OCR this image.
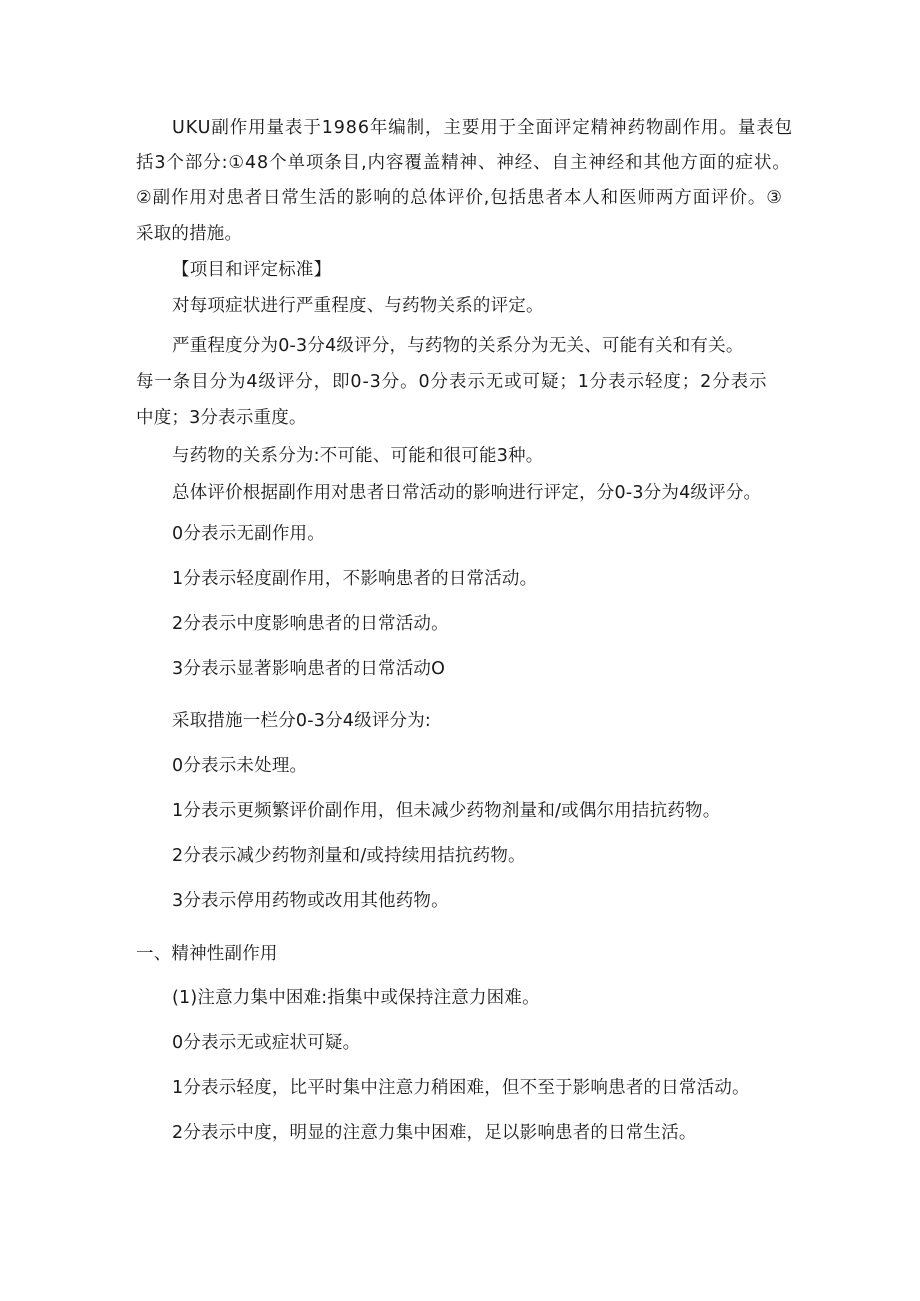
UKU副作用量表于1986年编制，主要用于全面评定精神药物副作用。量表包
括3个部分:①48个单项条目,内容覆盖精神、神经、自主神经和其他方面的症状。
②副作用对患者日常生活的影响的总体评价,包括患者本人和医师两方面评价。③
采取的措施。
【项目和评定标准】
对每项症状进行严重程度、与药物关系的评定。
严重程度分为0-3分4级评分，与药物的关系分为无关、可能有关和有关。
每一条目分为4级评分，即0-3分。0分表示无或可疑；1分表示轻度；2分表示
中度；3分表示重度。
与药物的关系分为:不可能、可能和很可能3种。
总体评价根据副作用对患者日常活动的影响进行评定，分0-3分为4级评分。
0分表示无副作用。
1分表示轻度副作用，不影响患者的日常活动。
2分表示中度影响患者的日常活动。
3分表示显著影响患者的日常活动O
采取措施一栏分0-3分4级评分为:
0分表示未处理。
1分表示更频繁评价副作用，但未减少药物剂量和/或偶尔用拮抗药物。
2分表示减少药物剂量和/或持续用拮抗药物。
3分表示停用药物或改用其他药物。
一、精神性副作用
(1)注意力集中困难:指集中或保持注意力困难。
0分表示无或症状可疑。
1分表示轻度，比平时集中注意力稍困难，但不至于影响患者的日常活动。
2分表示中度，明显的注意力集中困难，足以影响患者的日常生活。
